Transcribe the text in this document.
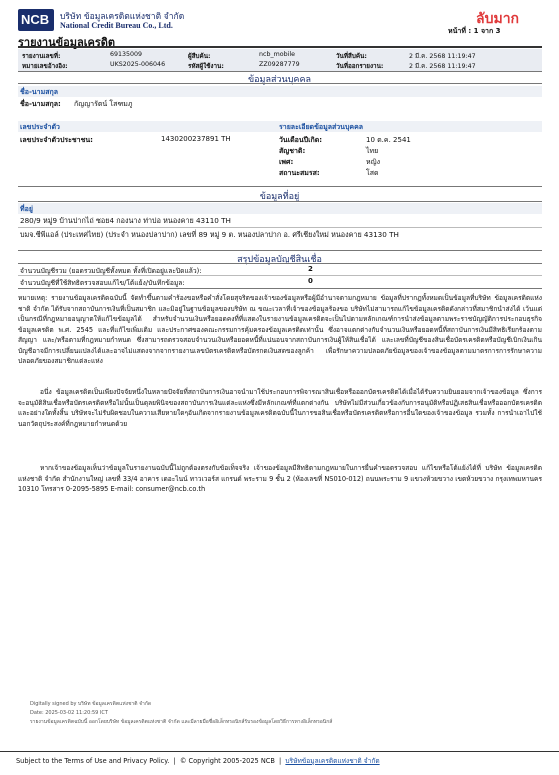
NCB บริษัท ข้อมูลเครดิตแห่งชาติ จำกัด
National Credit Bureau Co., Ltd.	ลับมาก
หน้าที่ : 1 จาก 3
รายงานข้อมูลเครดิต
รายงานเลขที่:	69135009
หมายเลขอ้างอิง:	UKS2025-006046
ผู้สืบค้น:	ncb_mobile
รหัสผู้ใช้งาน:	ZZ09287779
วันที่สืบค้น:	2 มี.ค. 2568 11:19:47
วันที่ออกรายงาน:	2 มี.ค. 2568 11:19:47
ข้อมูลส่วนบุคคล
ชื่อ-นามสกุล
ชื่อ-นามสกุล: กัญญารัตน์ โสฑมภู
เลขประจำตัว	รายละเอียดข้อมูลส่วนบุคคล
เลขประจำตัวประชาชน:	1430200237891 TH	วันเดือนปีเกิด:	10 ต.ค. 2541
สัญชาติ:	ไทย
เพศ:	หญิง
สถานะสมรส:	โสด
ข้อมูลที่อยู่
ที่อยู่
280/9 หมู่9 บ้านปากไถ่ ซอย4 กองนาง ท่าบ่อ หนองคาย 43110 TH
บมจ.ซีพีแอล์ (ประเทศไทย) (ประจำ หนองปลาปาก) เลขที่ 89 หมู่ 9 ต. หนองปลาปาก อ. ศรีเชียงใหม่ หนองคาย 43130 TH
สรุปข้อมูลบัญชีสินเชื่อ
จำนวนบัญชีรวม (ยอดรวมบัญชีทั้งหมด ทั้งที่เปิดอยู่และปิดแล้ว):	2
จำนวนบัญชีที่ใช้สิทธิตรวจสอบแก้ไข/โต้แย้ง/บันทึกข้อมูล:	0
หมายเหตุ: รายงานข้อมูลเครดิตฉบับนี้ จัดทำขึ้นตามคำร้องขอหรือคำสั่งโดยสุจริตของเจ้าของข้อมูลหรือผู้มีอำนาจตามกฎหมาย ข้อมูลที่ปรากฏทั้งหมดเป็นข้อมูลที่บริษัท ข้อมูลเครดิตแห่งชาติ จำกัด ได้รับจากสถาบันการเงินที่เป็นสมาชิก และมิอยู่ในฐานข้อมูลของบริษัท ณ ขณะเวลาที่เจ้าของข้อมูลร้องขอ บริษัทไม่สามารถแก้ไขข้อมูลเครดิตดังกล่าวที่สมาชิกนำส่งได้ เว้นแต่เป็นกรณีที่กฎหมายอนุญาตให้แก้ไขข้อมูลได้ สำหรับจำนวนเงินหรือยอดคงที่ที่แสดงในรายงานข้อมูลเครดิตจะเป็นไปตามหลักเกณฑ์การนำส่งข้อมูลตามพระราชบัญญัติการประกอบธุรกิจข้อมูลเครดิต พ.ศ. 2545 และที่แก้ไขเพิ่มเติม และประกาศของคณะกรรมการคุ้มครองข้อมูลเครดิตเท่านั้น ซึ่งอาจแตกต่างกับจำนวนเงินหรือยอดหนี้ที่สถาบันการเงินมีสิทธิเรียกร้องตามสัญญา และ/หรือตามที่กฎหมายกำหนด ซึ่งสามารถตรวจสอบจำนวนเงินหรือยอดหนี้ที่แน่นอนจากสถาบันการเงินผู้ให้สินเชื่อได้ และเลขที่บัญชีของสินเชื่อบัตรเครดิตหรือบัญชีเบิกเงินเกินบัญชีอาจมีการเปลี่ยนแปลงได้และอาจไม่แสดงจากจากรายงานเลขบัตรเครดิตหรือบัตรกดเงินสดของลูกค้า เพื่อรักษาความปลอดภัยข้อมูลของเจ้าของข้อมูลตามมาตรการการรักษาความปลอดภัยของสมาชิกแต่ละแห่ง
อนึ่ง ข้อมูลเครดิตเป็นเพียงปัจจัยหนึ่งในหลายปัจจัยที่สถาบันการเงินอาจนำมาใช้ประกอบการพิจารณาสินเชื่อหรือออกบัตรเครดิตได้เมื่อได้รับความยินยอมจากเจ้าของข้อมูล ซึ่งการจะอนุมัติสินเชื่อหรือบัตรเครดิตหรือไม่นั้นเป็นดุลยพินิจของสถาบันการเงินแต่ละแห่งซึ่งมีหลักเกณฑ์ที่แตกต่างกัน บริษัทไม่มีส่วนเกี่ยวข้องกับการอนุมัติหรือปฏิเสธสินเชื่อหรือออกบัตรเครดิตและอย่างใดทั้งสิ้น บริษัทจะไม่รับผิดชอบในความเสียหายใดๆอันเกิดจากรายงานข้อมูลเครดิตฉบับนี้ในการขอสินเชื่อหรือบัตรเครดิตหรือการอื่นใดของเจ้าของข้อมูล รวมทั้ง การนำเอาไปใช้นอกวัตถุประสงค์ที่กฎหมายกำหนดด้วย
หากเจ้าของข้อมูลเห็นว่าข้อมูลในรายงานฉบับนี้ไม่ถูกต้องตรงกับข้อเท็จจริง เจ้าของข้อมูลมีสิทธิตามกฎหมายในการยื่นคำขอตรวจสอบ แก้ไขหรือโต้แย้งได้ที่ บริษัท ข้อมูลเครดิตแห่งชาติ จำกัด สำนักงานใหญ่ เลขที่ 33/4 อาคาร เดอะไนน์ ทาวเวอร์ส แกรนด์ พระราม 9 ชั้น 2 (ห้องเลขที่ NS010-012) ถนนพระราม 9 แขวงห้วยขวาง เขตห้วยขวาง กรุงเทพมหานคร 10310 โทรสาร 0-2095-5895 E-mail: consumer@ncb.co.th
Digitally signed by บริษัท ข้อมูลเครดิตแห่งชาติ จำกัด
Date: 2025-03-02 11:20:59 ICT
รายงานข้อมูลเครดิตฉบับนี้ ออกโดยบริษัท ข้อมูลเครดิตแห่งชาติ จำกัด และมีลายมือชื่ออิเล็กทรอนิกส์รับรองข้อมูลโดยวิธีการทางอิเล็กทรอนิกส์
Subject to the Terms of Use and Privacy Policy. | © Copyright 2005-2025 NCB | บริษัทข้อมูลเครดิตแห่งชาติ จำกัด
